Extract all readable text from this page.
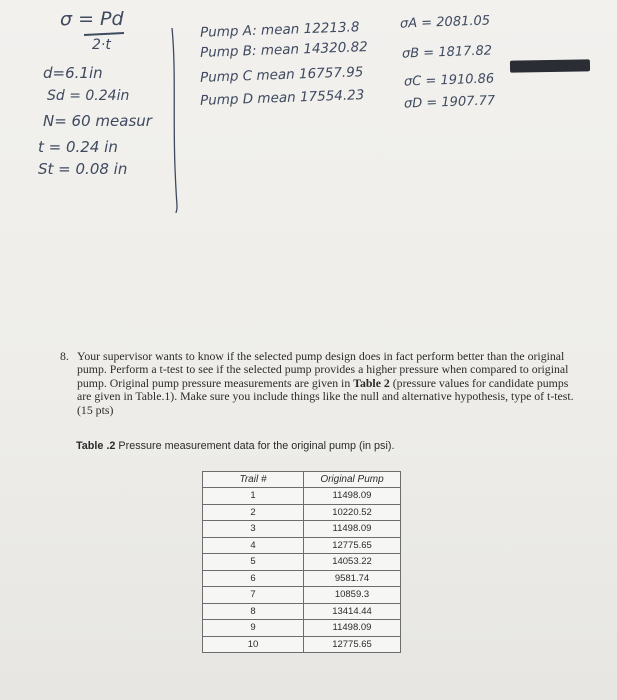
σ = Pd
2·t
d=6.1in
Sd = 0.24in
N= 60 measur
t = 0.24 in
St = 0.08 in
Pump A: mean 12213.8
Pump B: mean 14320.82
Pump C mean 16757.95
Pump D mean 17554.23
σA = 2081.05
σB = 1817.82
σC = 1910.86
σD = 1907.77
8. Your supervisor wants to know if the selected pump design does in fact perform better than the original pump. Perform a t-test to see if the selected pump provides a higher pressure when compared to original pump. Original pump pressure measurements are given in Table 2 (pressure values for candidate pumps are given in Table.1). Make sure you include things like the null and alternative hypothesis, type of t-test. (15 pts)
Table .2 Pressure measurement data for the original pump (in psi).
Trail #	Original Pump
1	11498.09
2	10220.52
3	11498.09
4	12775.65
5	14053.22
6	9581.74
7	10859.3
8	13414.44
9	11498.09
10	12775.65
